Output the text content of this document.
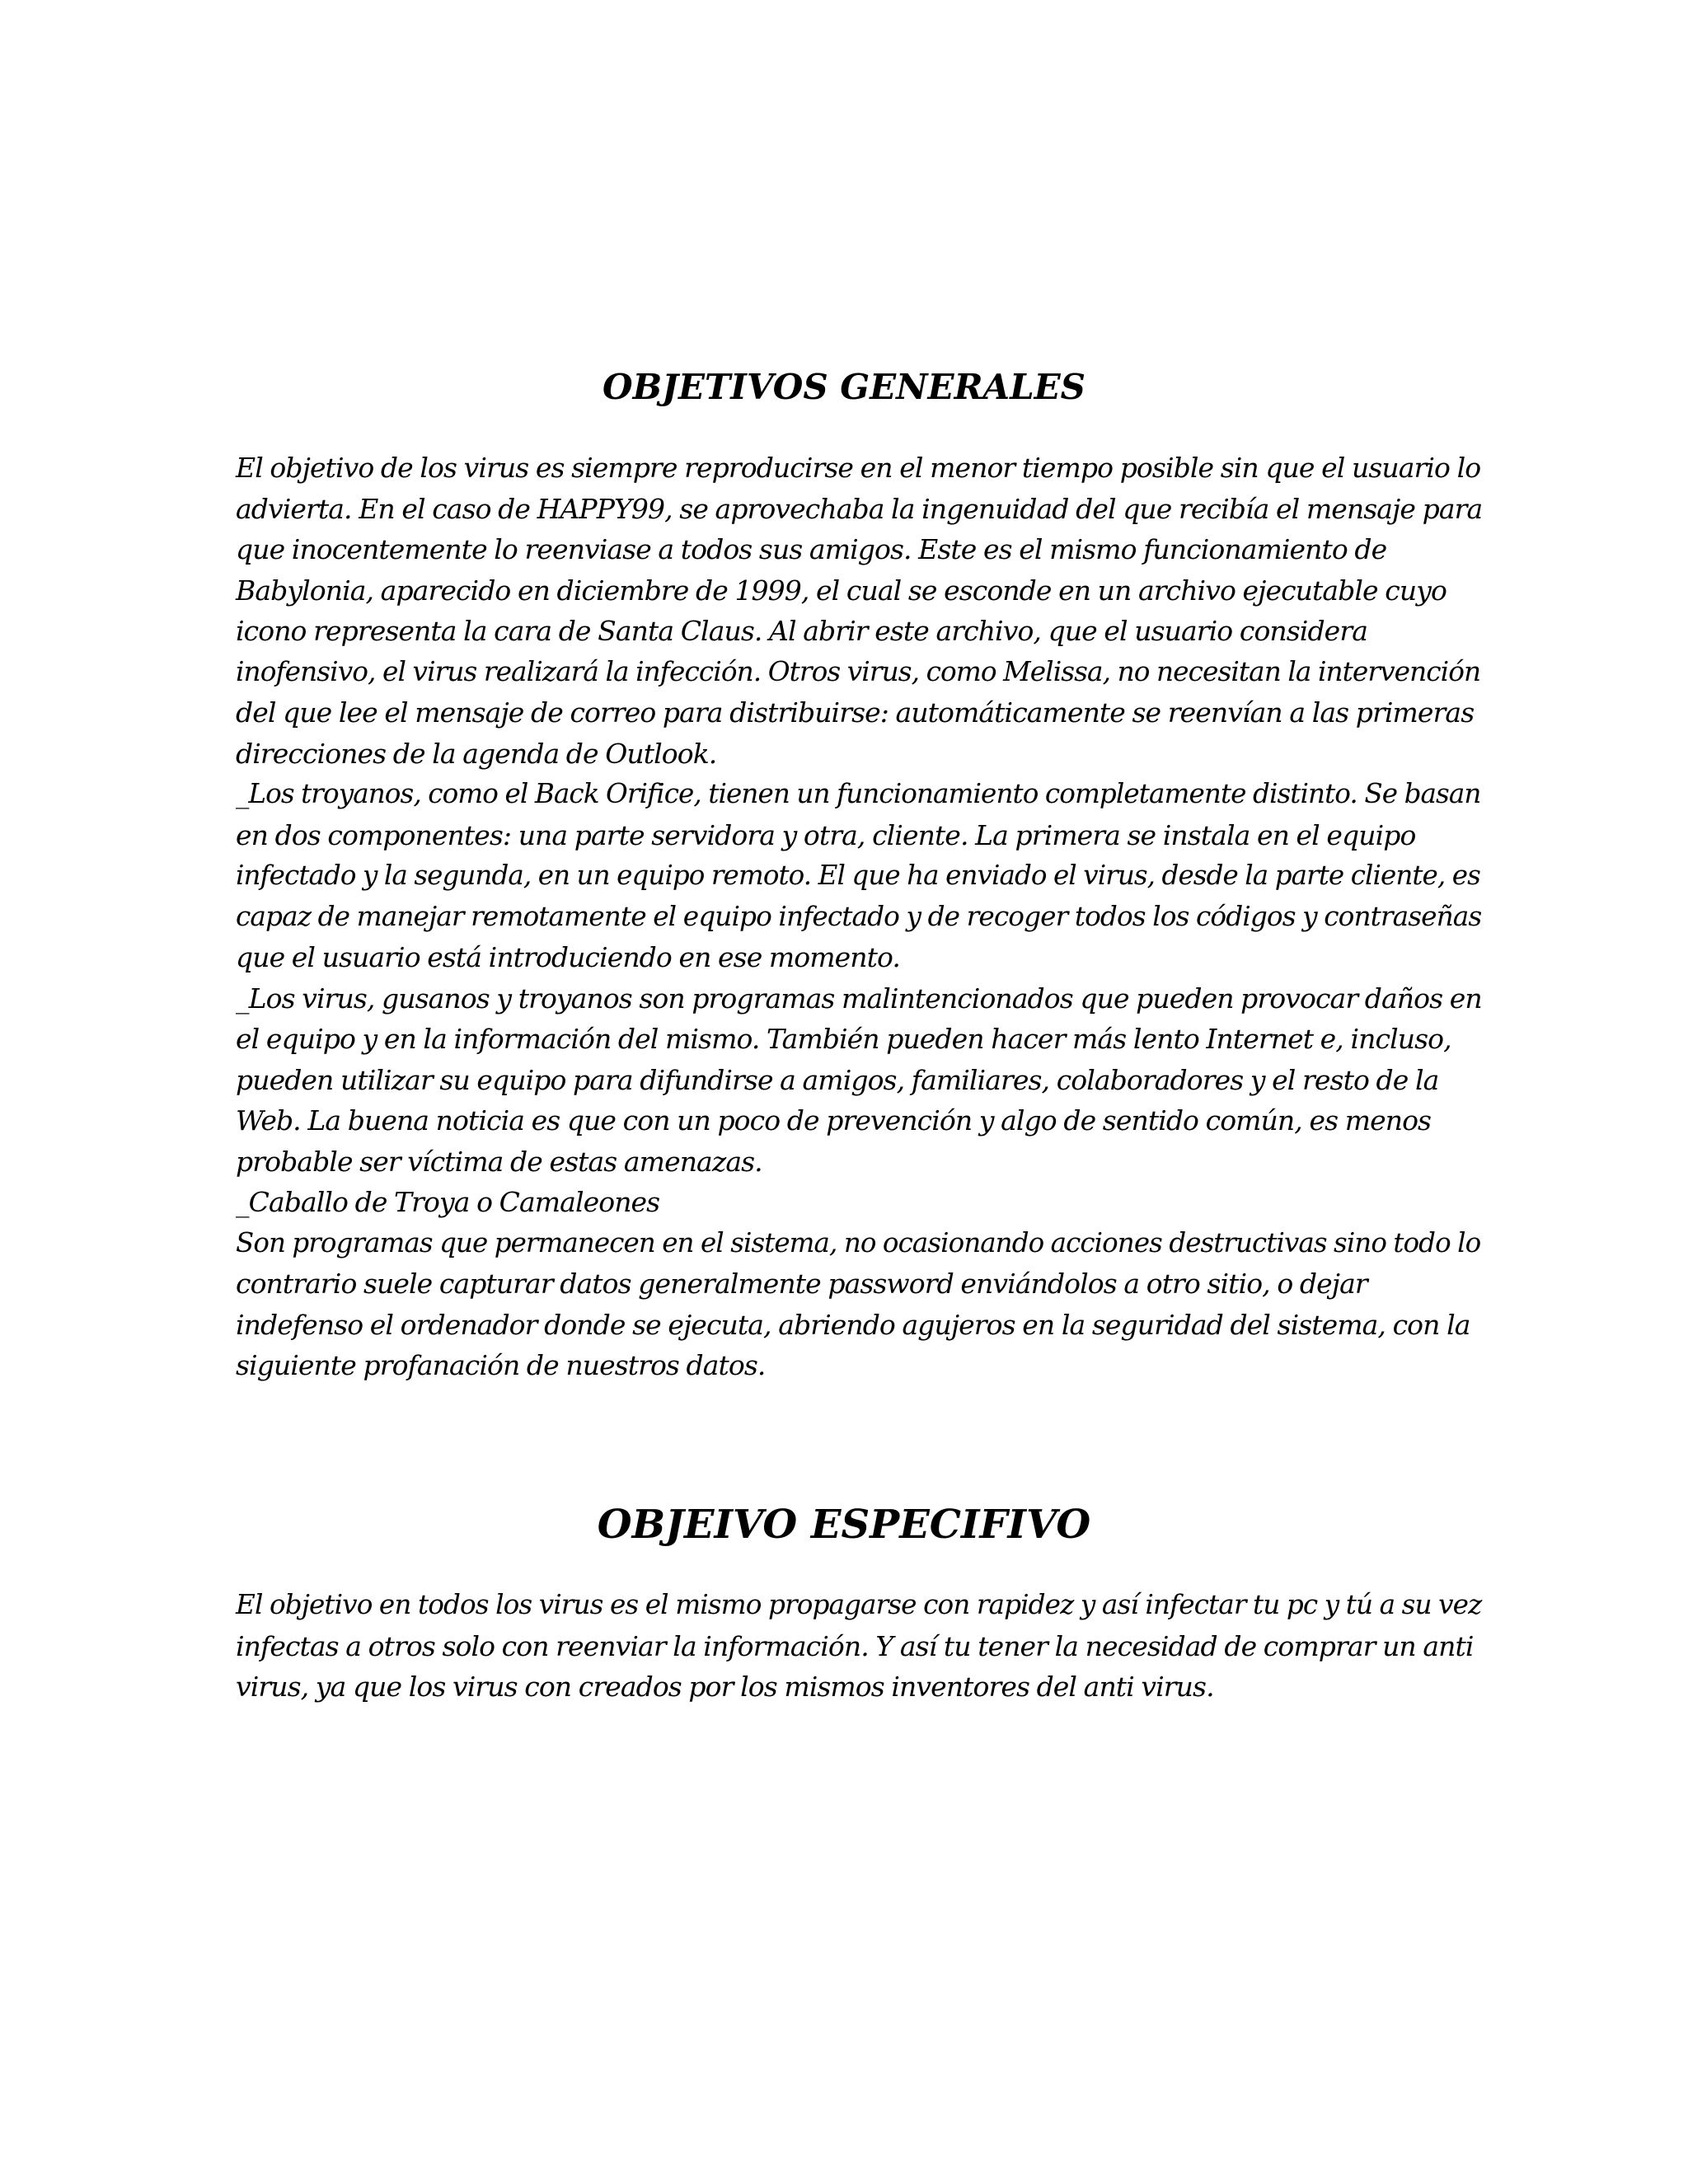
OBJETIVOS GENERALES
El objetivo de los virus es siempre reproducirse en el menor tiempo posible sin que el usuario lo
advierta. En el caso de HAPPY99, se aprovechaba la ingenuidad del que recibía el mensaje para
que inocentemente lo reenviase a todos sus amigos. Este es el mismo funcionamiento de
Babylonia, aparecido en diciembre de 1999, el cual se esconde en un archivo ejecutable cuyo
icono representa la cara de Santa Claus. Al abrir este archivo, que el usuario considera
inofensivo, el virus realizará la infección. Otros virus, como Melissa, no necesitan la intervención
del que lee el mensaje de correo para distribuirse: automáticamente se reenvían a las primeras
direcciones de la agenda de Outlook.
_Los troyanos, como el Back Orifice, tienen un funcionamiento completamente distinto. Se basan
en dos componentes: una parte servidora y otra, cliente. La primera se instala en el equipo
infectado y la segunda, en un equipo remoto. El que ha enviado el virus, desde la parte cliente, es
capaz de manejar remotamente el equipo infectado y de recoger todos los códigos y contraseñas
que el usuario está introduciendo en ese momento.
_Los virus, gusanos y troyanos son programas malintencionados que pueden provocar daños en
el equipo y en la información del mismo. También pueden hacer más lento Internet e, incluso,
pueden utilizar su equipo para difundirse a amigos, familiares, colaboradores y el resto de la
Web. La buena noticia es que con un poco de prevención y algo de sentido común, es menos
probable ser víctima de estas amenazas.
_Caballo de Troya o Camaleones
Son programas que permanecen en el sistema, no ocasionando acciones destructivas sino todo lo
contrario suele capturar datos generalmente password enviándolos a otro sitio, o dejar
indefenso el ordenador donde se ejecuta, abriendo agujeros en la seguridad del sistema, con la
siguiente profanación de nuestros datos.
OBJEIVO ESPECIFIVO
El objetivo en todos los virus es el mismo propagarse con rapidez y así infectar tu pc y tú a su vez
infectas a otros solo con reenviar la información. Y así tu tener la necesidad de comprar un anti
virus, ya que los virus con creados por los mismos inventores del anti virus.
